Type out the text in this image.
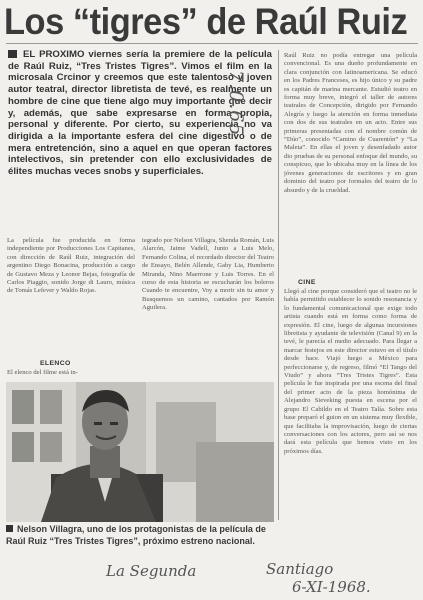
Los “tigres” de Raúl Ruiz
EL PROXIMO viernes sería la premiere de la película de Raúl Ruiz, “Tres Tristes Tigres”. Vimos el film en la microsala Crcinor y creemos que este talentoso y joven autor teatral, director libretista de tevé, es realmente un hombre de cine que tiene algo muy importante que decir y, además, que sabe expresarse en forma propia, personal y diferente. Por cierto, su experiencia no va dirigida a la importante esfera del cine digestivo o de mera entretención, sino a aquel en que operan factores intelectivos, sin pretender con ello exclusividades de élites muchas veces snobs y superficiales.
La película fue producida en forma independiente por Producciones Los Capitanes, con dirección de Raúl Ruiz, integración del argentino Diego Bonacina, producción a cargo de Gustavo Meza y Leonor Bejas, fotografía de Carlos Piaggio, sonido Jorge di Lauro, música de Tomás Lefever y Waldo Rojas.
ELENCO
El elenco del filme está in-
tegrado por Nelson Villagra, Shenda Román, Luis Alarcón, Jaime Vadell, Junto a Luis Melo, Fernando Colina, el recordado director del Teatro de Ensayo, Belén Allende, Gaby Lia, Humberto Miranda, Nino Maerrone y Luis Torres. En el curso de esta historia se escucharán los boleros Cuando te encuentre, Voy a morir sin tu amor y Busquemos un camino, cantados por Ramón Aguilera.
Raúl Ruiz no podía entregar una película convencional. Es una dueño profundamente en clara conjunción con latinoamericana. Se educó en los Padres Franceses, es hijo único y su padre es capitán de marina mercante. Estudió teatro en forma muy breve, integró el taller de autores teatrales de Concepción, dirigido por Fernando Alegría y luego la atención en forma inmediata con dos de sus teatrales en un acto. Entre sus primeras presentadas con el nombre común de “Dúo”, conocido “Camino de Cuarentón” y “La Maleta”. En ellas el joven y desenfadado autor dio pruebas de su personal enfoque del mundo, su conspicuo, que lo ubicaba muy en la línea de los jóvenes generaciones de escritores y en gran dominio del teatro por formales del teatro de lo absurdo y de la crueldad.
CINE
Llegó al cine porque consideró que el teatro no le había permitido establecer lo sonido resonancia y lo fundamental comunicacional que exige todo artista cuando está en forma como forma de expresión. El cine, luego de algunas incursiones libretista y ayudante de televisión (Canal 9) en la tevé, le parecía el medio adecuado. Para llegar a marcar festejos en este director estuvo en el título desde hace. Viajó luego a México para perfeccionarse y, de regreso, filmó “El Tango del Viudo” y ahora “Tres Tristes Tigres”. Esta película le fue inspirada por una escena del final del primer acto de la pieza homónima de Alejandro Sieveking puesta en escena por el grupo El Cabildo en el Teatro Talía. Sobre esta base preparó el guion en un sistema muy flexible, que facilitaba la improvisación, luego de ciertas conversaciones con los actores, pero así se nos dará esta película que hemos visto en los próximos días.
Nelson Villagra, uno de los protagonistas de la película de Raúl Ruiz “Tres Tristes Tigres”, próximo estreno nacional.
7.0.65
La Segunda	Santiago
6-XI-1968.
